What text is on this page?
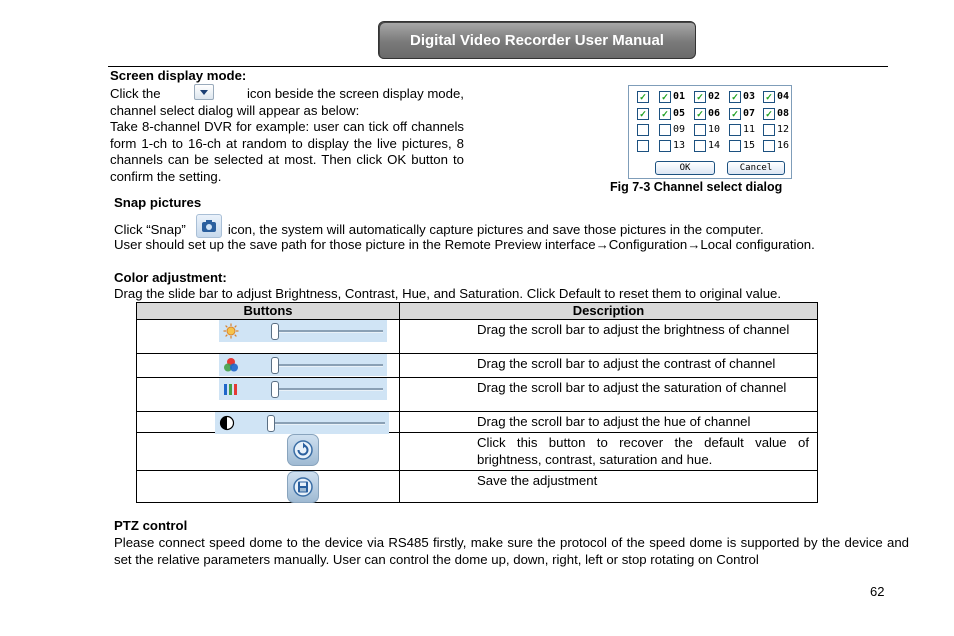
Digital Video Recorder User Manual
Screen display mode:
Click the	icon beside the screen display mode,
channel select dialog will appear as below:
Take 8-channel DVR for example: user can tick off channels form 1-ch to 16-ch at random to display the live pictures, 8 channels can be selected at most. Then click OK button to confirm the setting.
✓
✓
✓ 01 ✓ 02 ✓ 03 ✓ 04
✓ 05 ✓ 06 ✓ 07 ✓ 08
09 10 11 12
13 14 15 16
OK	Cancel
Fig 7-3 Channel select dialog
Snap pictures
Click “Snap”	icon, the system will automatically capture pictures and save those pictures in the computer.
User should set up the save path for those picture in the Remote Preview interface→Configuration→Local configuration.
Color adjustment:
Drag the slide bar to adjust Brightness, Contrast, Hue, and Saturation. Click Default to reset them to original value.
Buttons	Description

	Drag the scroll bar to adjust the brightness of channel

	Drag the scroll bar to adjust the contrast of channel

	Drag the scroll bar to adjust the saturation of channel

	Drag the scroll bar to adjust the hue of channel

	Click this button to recover the default value of brightness, contrast, saturation and hue.

	Save the adjustment
PTZ control
Please connect speed dome to the device via RS485 firstly, make sure the protocol of the speed dome is supported by the device and set the relative parameters manually. User can control the dome up, down, right, left or stop rotating on Control
62
